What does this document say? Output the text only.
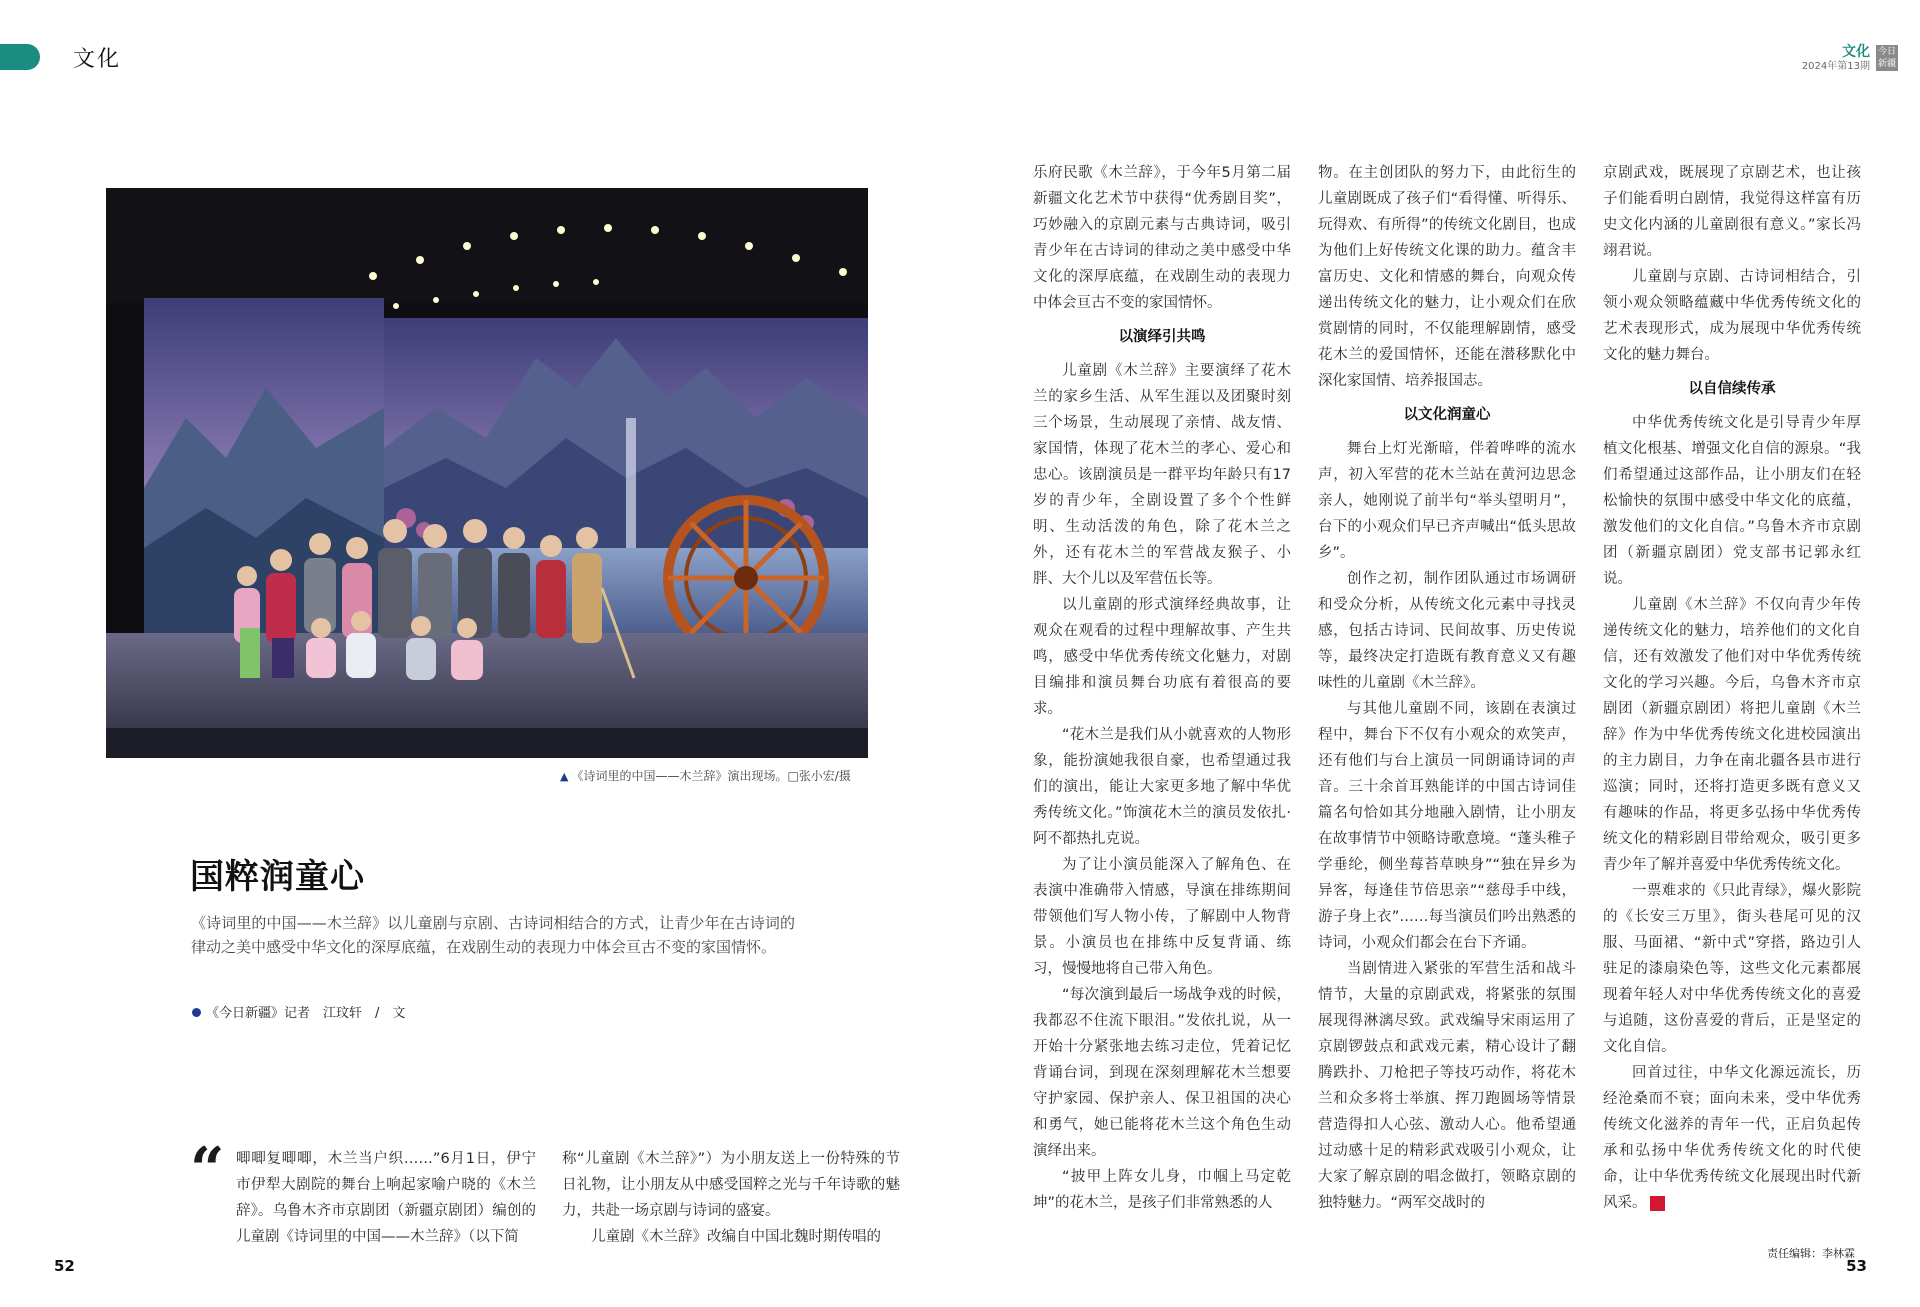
文化	文化
2024年第13期
今日新疆
▲ 《诗词里的中国——木兰辞》演出现场。□张小宏/摄
国粹润童心
《诗词里的中国——木兰辞》以儿童剧与京剧、古诗词相结合的方式，让青少年在古诗词的律动之美中感受中华文化的深厚底蕴，在戏剧生动的表现力中体会亘古不变的家国情怀。
《今日新疆》记者　江玟轩　/　文
“ 唧唧复唧唧，木兰当户织……”6月1日，伊宁市伊犁大剧院的舞台上响起家喻户晓的《木兰辞》。乌鲁木齐市京剧团（新疆京剧团）编创的儿童剧《诗词里的中国——木兰辞》（以下简

称“儿童剧《木兰辞》”）为小朋友送上一份特殊的节日礼物，让小朋友从中感受国粹之光与千年诗歌的魅力，共赴一场京剧与诗词的盛宴。

儿童剧《木兰辞》改编自中国北魏时期传唱的

乐府民歌《木兰辞》，于今年5月第二届新疆文化艺术节中获得“优秀剧目奖”，巧妙融入的京剧元素与古典诗词，吸引青少年在古诗词的律动之美中感受中华文化的深厚底蕴，在戏剧生动的表现力中体会亘古不变的家国情怀。

以演绎引共鸣

儿童剧《木兰辞》主要演绎了花木兰的家乡生活、从军生涯以及团聚时刻三个场景，生动展现了亲情、战友情、家国情，体现了花木兰的孝心、爱心和忠心。该剧演员是一群平均年龄只有17岁的青少年，全剧设置了多个个性鲜明、生动活泼的角色，除了花木兰之外，还有花木兰的军营战友猴子、小胖、大个儿以及军营伍长等。

以儿童剧的形式演绎经典故事，让观众在观看的过程中理解故事、产生共鸣，感受中华优秀传统文化魅力，对剧目编排和演员舞台功底有着很高的要求。

“花木兰是我们从小就喜欢的人物形象，能扮演她我很自豪，也希望通过我们的演出，能让大家更多地了解中华优秀传统文化。”饰演花木兰的演员发依扎·阿不都热扎克说。

为了让小演员能深入了解角色、在表演中准确带入情感，导演在排练期间带领他们写人物小传，了解剧中人物背景。小演员也在排练中反复背诵、练习，慢慢地将自己带入角色。

“每次演到最后一场战争戏的时候，我都忍不住流下眼泪。”发依扎说，从一开始十分紧张地去练习走位，凭着记忆背诵台词，到现在深刻理解花木兰想要守护家园、保护亲人、保卫祖国的决心和勇气，她已能将花木兰这个角色生动演绎出来。

“披甲上阵女儿身，巾帼上马定乾坤”的花木兰，是孩子们非常熟悉的人

物。在主创团队的努力下，由此衍生的儿童剧既成了孩子们“看得懂、听得乐、玩得欢、有所得”的传统文化剧目，也成为他们上好传统文化课的助力。蕴含丰富历史、文化和情感的舞台，向观众传递出传统文化的魅力，让小观众们在欣赏剧情的同时，不仅能理解剧情，感受花木兰的爱国情怀，还能在潜移默化中深化家国情、培养报国志。

以文化润童心

舞台上灯光渐暗，伴着哗哗的流水声，初入军营的花木兰站在黄河边思念亲人，她刚说了前半句“举头望明月”，台下的小观众们早已齐声喊出“低头思故乡”。

创作之初，制作团队通过市场调研和受众分析，从传统文化元素中寻找灵感，包括古诗词、民间故事、历史传说等，最终决定打造既有教育意义又有趣味性的儿童剧《木兰辞》。

与其他儿童剧不同，该剧在表演过程中，舞台下不仅有小观众的欢笑声，还有他们与台上演员一同朗诵诗词的声音。三十余首耳熟能详的中国古诗词佳篇名句恰如其分地融入剧情，让小朋友在故事情节中领略诗歌意境。“蓬头稚子学垂纶，侧坐莓苔草映身”“独在异乡为异客，每逢佳节倍思亲”“慈母手中线，游子身上衣”……每当演员们吟出熟悉的诗词，小观众们都会在台下齐诵。

当剧情进入紧张的军营生活和战斗情节，大量的京剧武戏，将紧张的氛围展现得淋漓尽致。武戏编导宋雨运用了京剧锣鼓点和武戏元素，精心设计了翻腾跌扑、刀枪把子等技巧动作，将花木兰和众多将士举旗、挥刀跑圆场等情景营造得扣人心弦、激动人心。他希望通过动感十足的精彩武戏吸引小观众，让大家了解京剧的唱念做打，领略京剧的独特魅力。“两军交战时的

京剧武戏，既展现了京剧艺术，也让孩子们能看明白剧情，我觉得这样富有历史文化内涵的儿童剧很有意义。”家长冯翊君说。

儿童剧与京剧、古诗词相结合，引领小观众领略蕴藏中华优秀传统文化的艺术表现形式，成为展现中华优秀传统文化的魅力舞台。

以自信续传承

中华优秀传统文化是引导青少年厚植文化根基、增强文化自信的源泉。“我们希望通过这部作品，让小朋友们在轻松愉快的氛围中感受中华文化的底蕴，激发他们的文化自信。”乌鲁木齐市京剧团（新疆京剧团）党支部书记郭永红说。

儿童剧《木兰辞》不仅向青少年传递传统文化的魅力，培养他们的文化自信，还有效激发了他们对中华优秀传统文化的学习兴趣。今后，乌鲁木齐市京剧团（新疆京剧团）将把儿童剧《木兰辞》作为中华优秀传统文化进校园演出的主力剧目，力争在南北疆各县市进行巡演；同时，还将打造更多既有意义又有趣味的作品，将更多弘扬中华优秀传统文化的精彩剧目带给观众，吸引更多青少年了解并喜爱中华优秀传统文化。

一票难求的《只此青绿》，爆火影院的《长安三万里》，街头巷尾可见的汉服、马面裙、“新中式”穿搭，路边引人驻足的漆扇染色等，这些文化元素都展现着年轻人对中华优秀传统文化的喜爱与追随，这份喜爱的背后，正是坚定的文化自信。

回首过往，中华文化源远流长，历经沧桑而不衰；面向未来，受中华优秀传统文化滋养的青年一代，正启负起传承和弘扬中华优秀传统文化的时代使命，让中华优秀传统文化展现出时代新风采。

责任编辑：李林霖
52	53
